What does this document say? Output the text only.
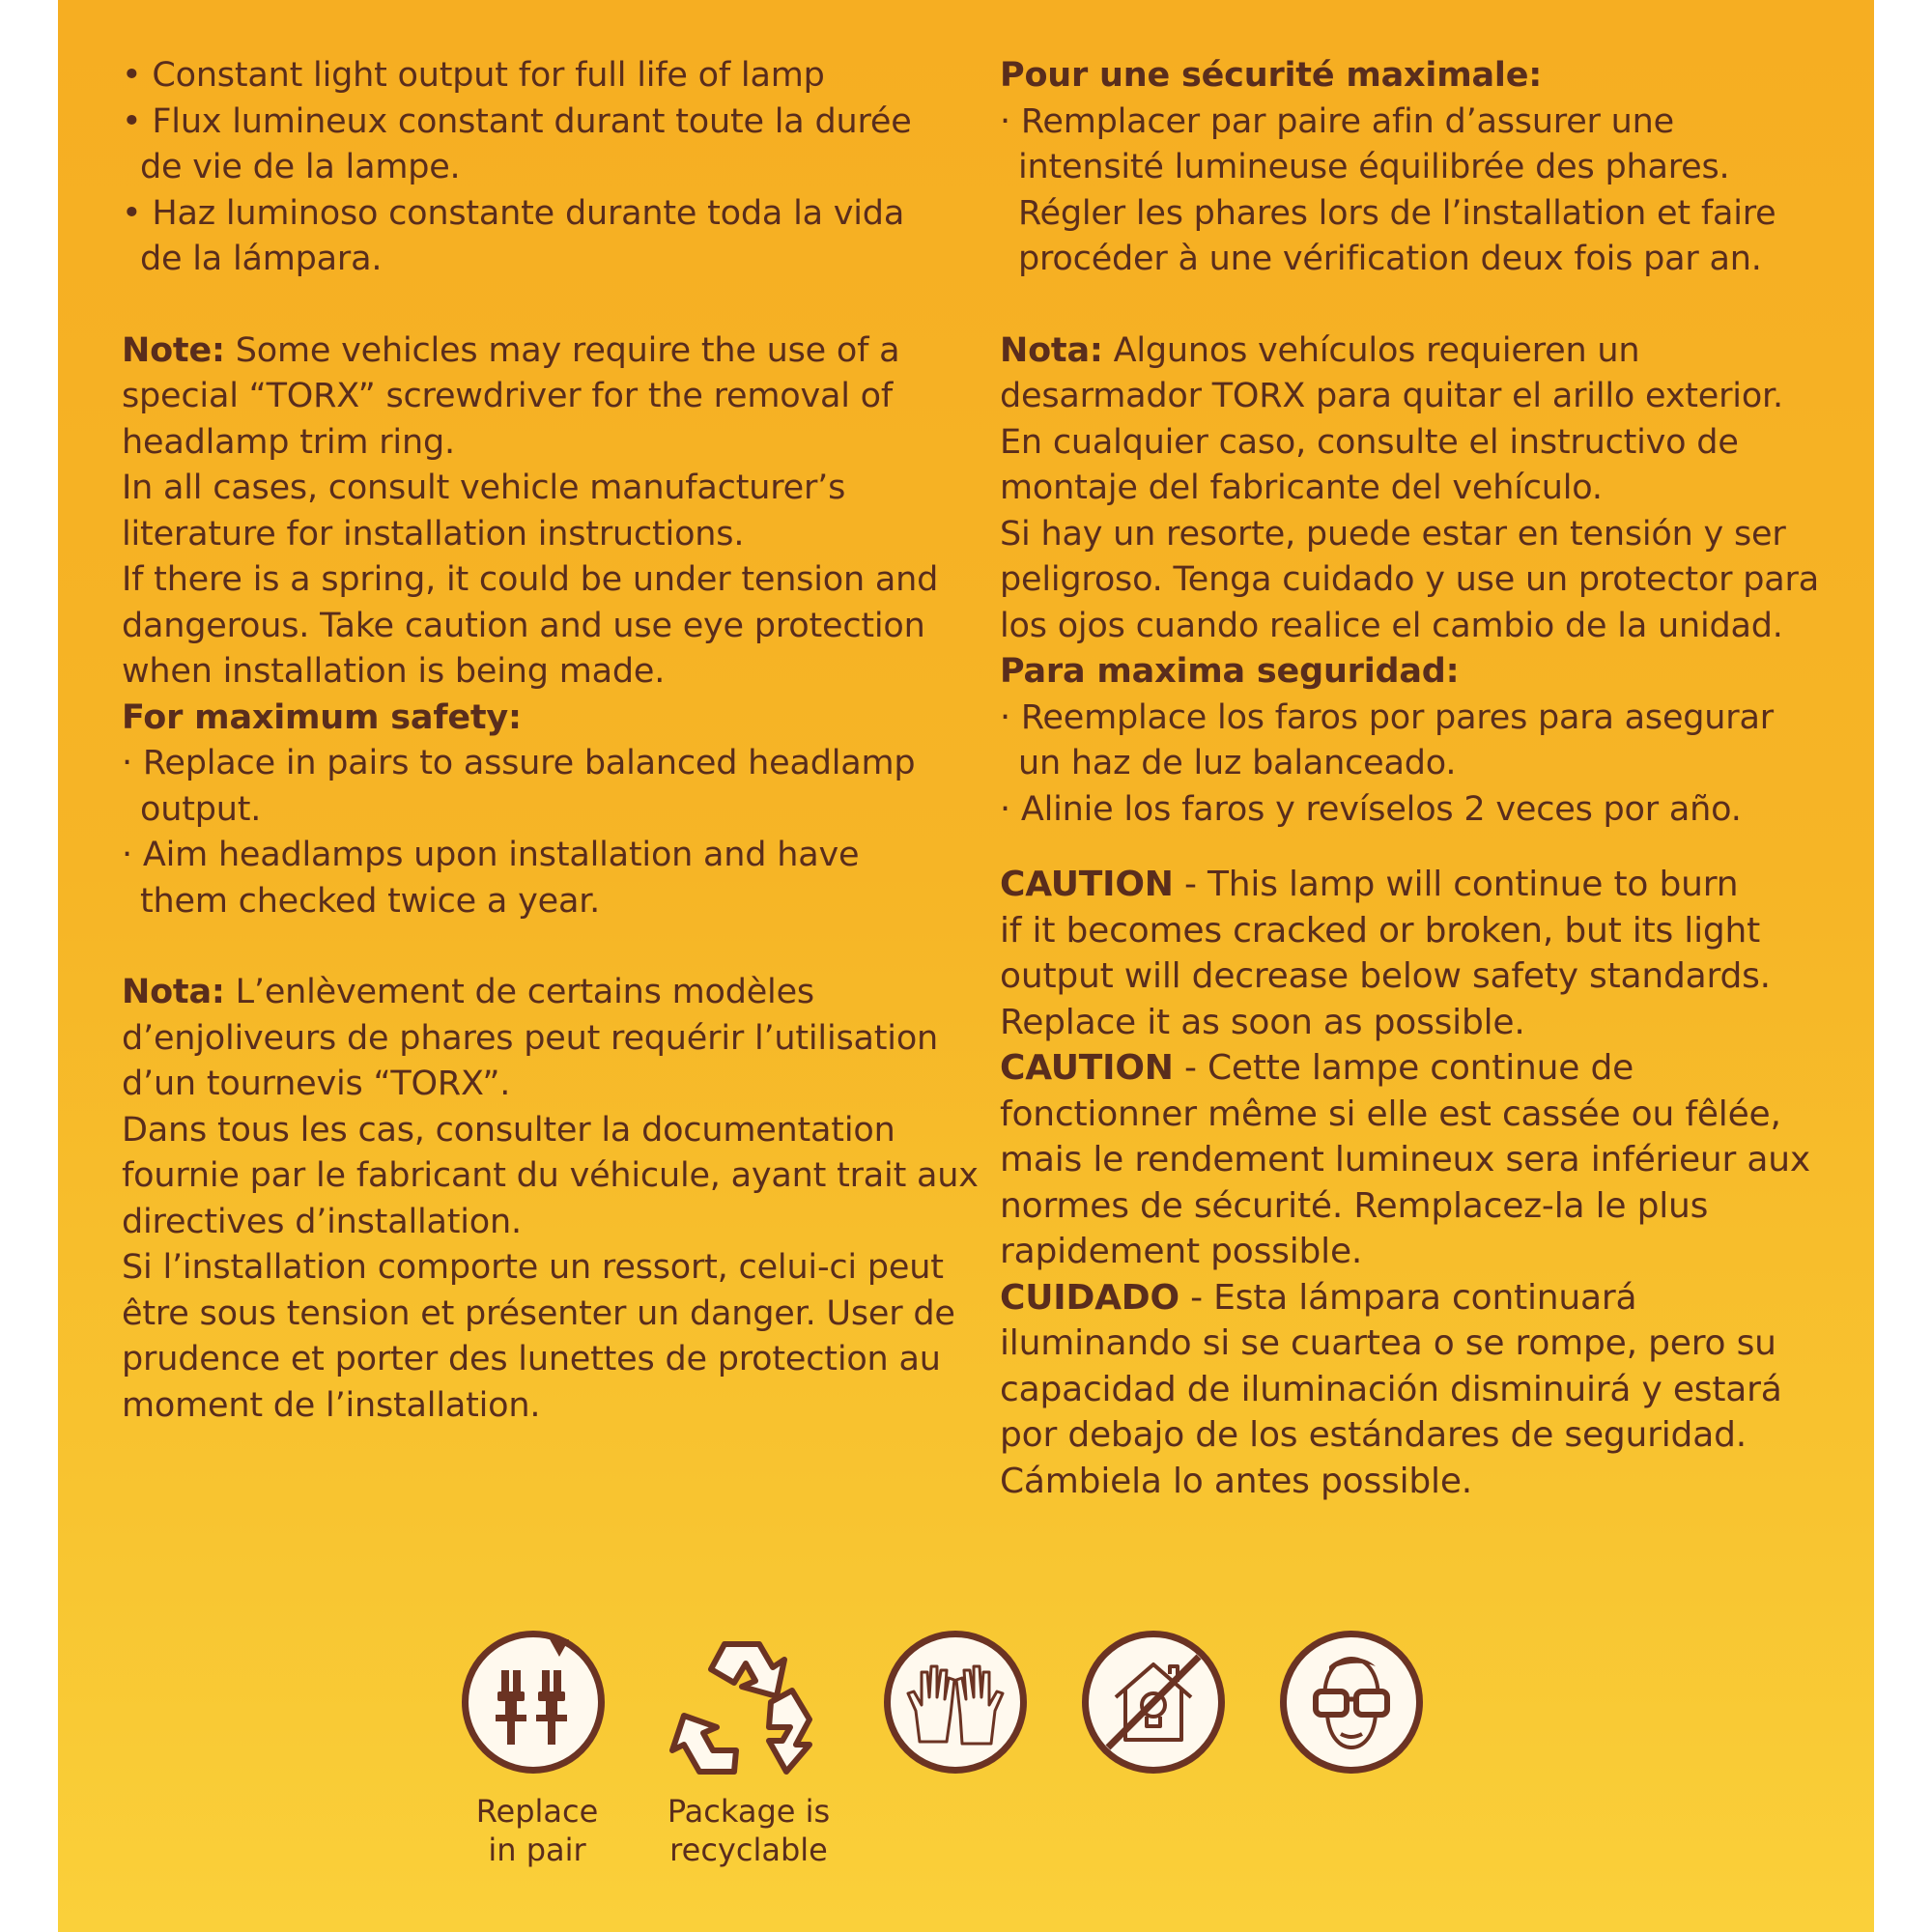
• Constant light output for full life of lamp

• Flux lumineux constant durant toute la durée

de vie de la lampe.

• Haz luminoso constante durante toda la vida

de la lámpara.

Note: Some vehicles may require the use of a

special “TORX” screwdriver for the removal of

headlamp trim ring.

In all cases, consult vehicle manufacturer’s

literature for installation instructions.

If there is a spring, it could be under tension and

dangerous. Take caution and use eye protection

when installation is being made.

For maximum safety:

· Replace in pairs to assure balanced headlamp

output.

· Aim headlamps upon installation and have

them checked twice a year.

Nota: L’enlèvement de certains modèles

d’enjoliveurs de phares peut requérir l’utilisation

d’un tournevis “TORX”.

Dans tous les cas, consulter la documentation

fournie par le fabricant du véhicule, ayant trait aux

directives d’installation.

Si l’installation comporte un ressort, celui-ci peut

être sous tension et présenter un danger. User de

prudence et porter des lunettes de protection au

moment de l’installation.

Pour une sécurité maximale:

· Remplacer par paire afin d’assurer une

intensité lumineuse équilibrée des phares.

Régler les phares lors de l’installation et faire

procéder à une vérification deux fois par an.

Nota: Algunos vehículos requieren un

desarmador TORX para quitar el arillo exterior.

En cualquier caso, consulte el instructivo de

montaje del fabricante del vehículo.

Si hay un resorte, puede estar en tensión y ser

peligroso. Tenga cuidado y use un protector para

los ojos cuando realice el cambio de la unidad.

Para maxima seguridad:

· Reemplace los faros por pares para asegurar

un haz de luz balanceado.

· Alinie los faros y revíselos 2 veces por año.

CAUTION - This lamp will continue to burn

if it becomes cracked or broken, but its light

output will decrease below safety standards.

Replace it as soon as possible.

CAUTION - Cette lampe continue de

fonctionner même si elle est cassée ou fêlée,

mais le rendement lumineux sera inférieur aux

normes de sécurité. Remplacez-la le plus

rapidement possible.

CUIDADO - Esta lámpara continuará

iluminando si se cuartea o se rompe, pero su

capacidad de iluminación disminuirá y estará

por debajo de los estándares de seguridad.

Cámbiela lo antes possible.

Replace
in pair
Package is
recyclable
